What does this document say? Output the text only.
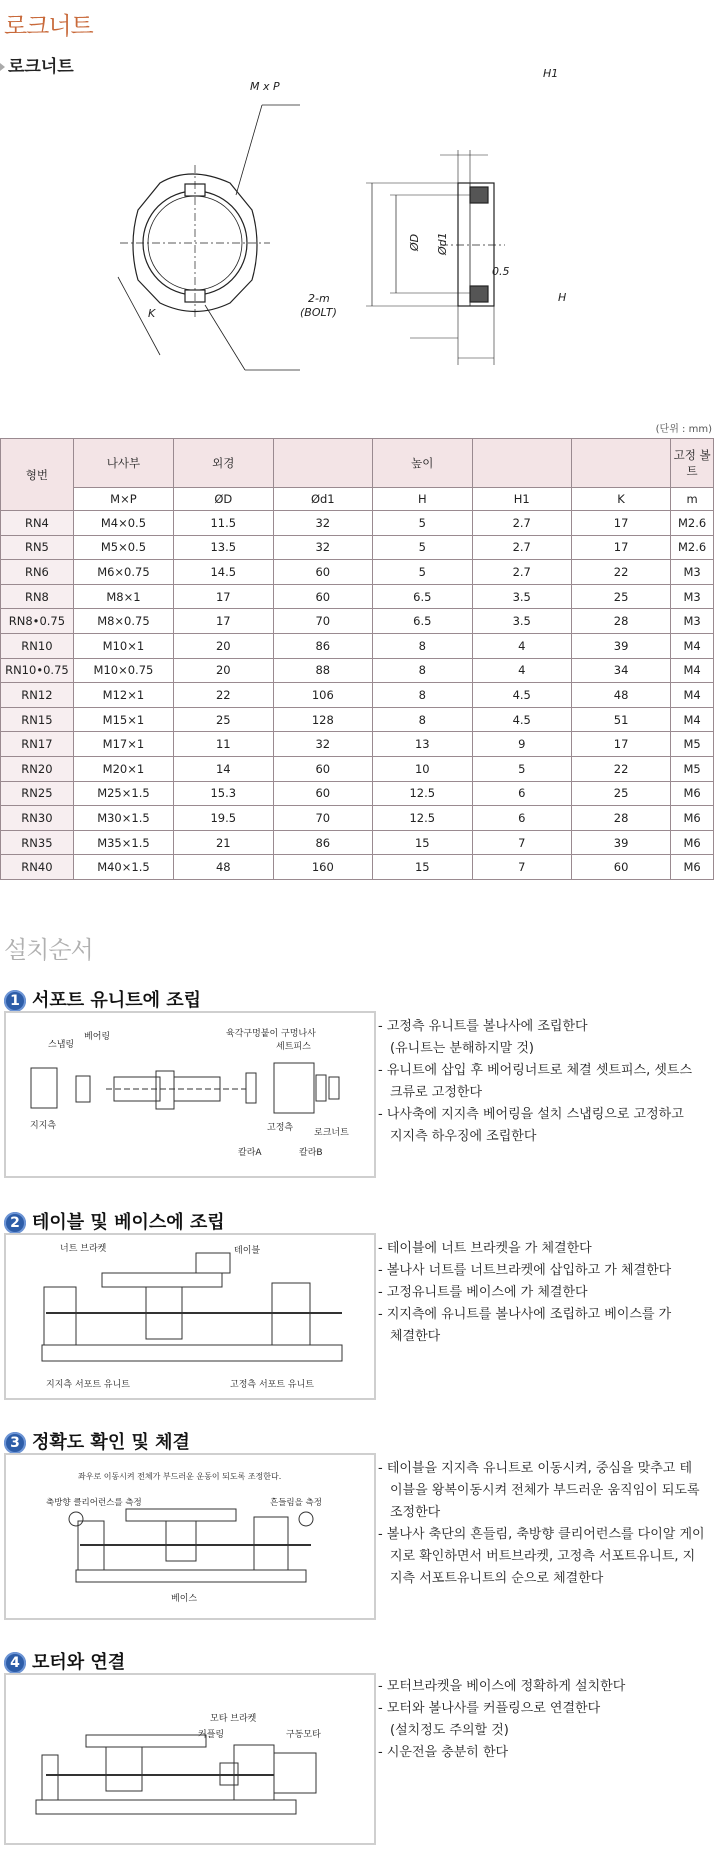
로크너트
로크너트
M x P
K
2-m
(BOLT)
H1
ØD Ød1
0.5
H
(단위 : mm)
형번	나사부	외경		높이			고정 볼트
	M×P	ØD	Ød1	H	H1	K	m
RN4	M4×0.5	11.5	32	5	2.7	17	M2.6
RN5	M5×0.5	13.5	32	5	2.7	17	M2.6
RN6	M6×0.75	14.5	60	5	2.7	22	M3
RN8	M8×1	17	60	6.5	3.5	25	M3
RN8•0.75	M8×0.75	17	70	6.5	3.5	28	M3
RN10	M10×1	20	86	8	4	39	M4
RN10•0.75	M10×0.75	20	88	8	4	34	M4
RN12	M12×1	22	106	8	4.5	48	M4
RN15	M15×1	25	128	8	4.5	51	M4
RN17	M17×1	11	32	13	9	17	M5
RN20	M20×1	14	60	10	5	22	M5
RN25	M25×1.5	15.3	60	12.5	6	25	M6
RN30	M30×1.5	19.5	70	12.5	6	28	M6
RN35	M35×1.5	21	86	15	7	39	M6
RN40	M40×1.5	48	160	15	7	60	M6
설치순서
1 서포트 유니트에 조립
스냅링
베어링
지지측
육각구멍붙이 구멍나사
세트피스
고정측 로크너트
칼라A	칼라B
- 고정측 유니트를 볼나사에 조립한다
(유니트는 분해하지말 것)
- 유니트에 삽입 후 베어링너트로 체결 셋트피스, 셋트스
크류로 고정한다
- 나사축에 지지측 베어링을 설치 스냅링으로 고정하고
지지측 하우징에 조립한다
2 테이블 및 베이스에 조립
너트 브라켓	테이블
지지측 서포트 유니트	고정측 서포트 유니트
- 테이블에 너트 브라켓을 가 체결한다
- 볼나사 너트를 너트브라켓에 삽입하고 가 체결한다
- 고정유니트를 베이스에 가 체결한다
- 지지측에 유니트를 볼나사에 조립하고 베이스를 가
체결한다
3 정확도 확인 및 체결
좌우로 이동시켜 전체가 부드러운 운동이 되도록 조정한다.
축방향 클리어런스를 측정	흔들림을 측정
베이스
- 테이블을 지지측 유니트로 이동시켜, 중심을 맞추고 테
이블을 왕복이동시켜 전체가 부드러운 움직임이 되도록
조정한다
- 볼나사 축단의 흔들림, 축방향 클리어런스를 다이알 게이
지로 확인하면서 버트브라켓, 고정측 서포트유니트, 지
지측 서포트유니트의 순으로 체결한다
4 모터와 연결
모타 브라켓
커플링	구동모타
- 모터브라켓을 베이스에 정확하게 설치한다
- 모터와 볼나사를 커플링으로 연결한다
(설치정도 주의할 것)
- 시운전을 충분히 한다
